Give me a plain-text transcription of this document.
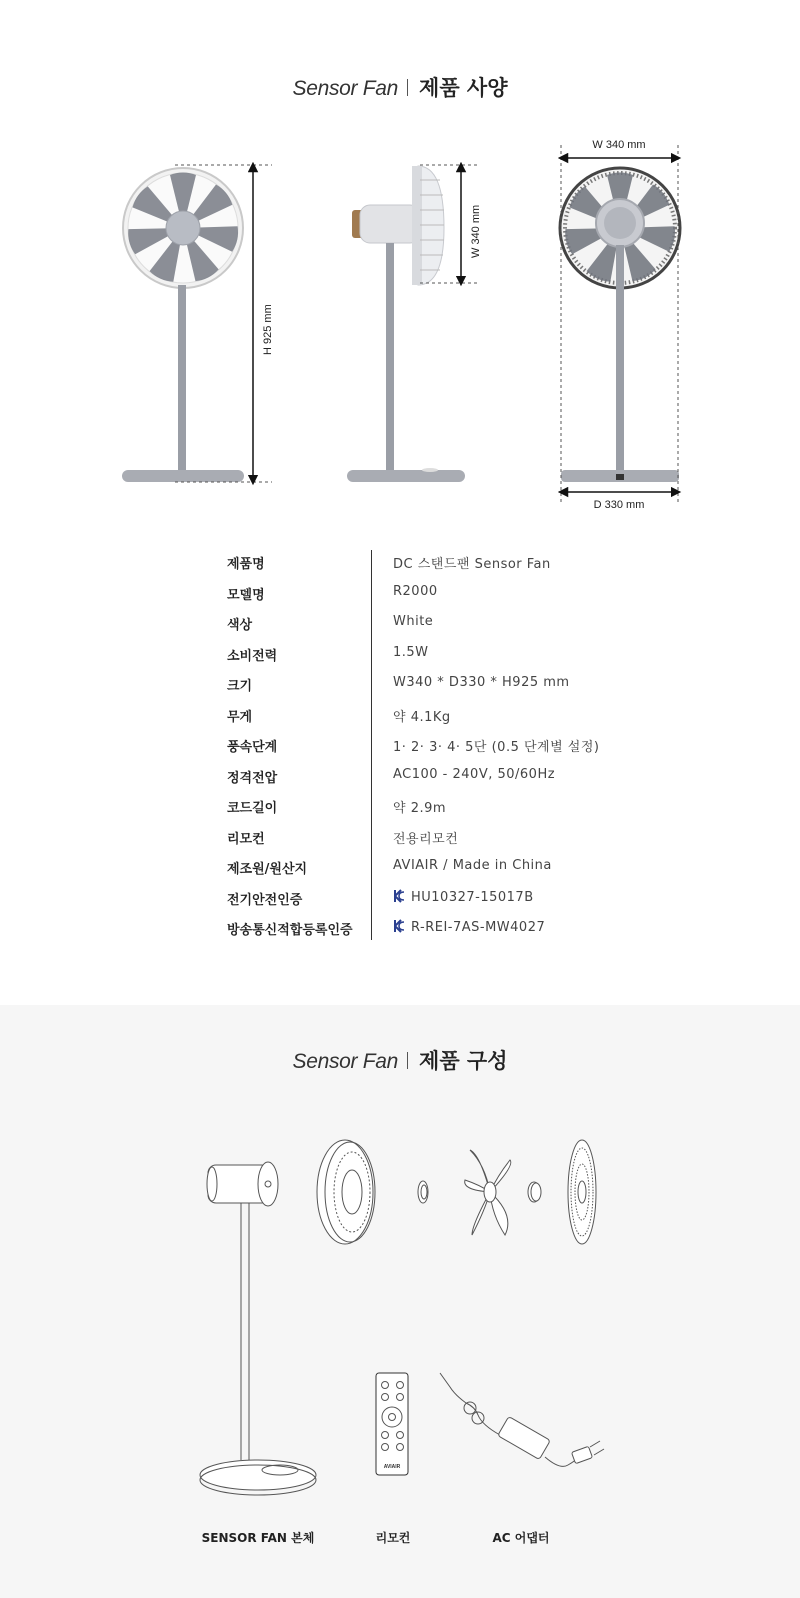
Sensor Fan 제품 사양
H 925 mm
W 340 mm
W 340 mm
D 330 mm
제품명	DC 스탠드팬 Sensor Fan
모델명	R2000
색상	White
소비전력	1.5W
크기	W340 * D330 * H925 mm
무게	약 4.1Kg
풍속단계	1· 2· 3· 4· 5단 (0.5 단계별 설정)
정격전압	AC100 - 240V, 50/60Hz
코드길이	약 2.9m
리모컨	전용리모컨
제조원/원산지	AVIAIR / Made in China
전기안전인증	HU10327-15017B
방송통신적합등록인증	R-REI-7AS-MW4027
Sensor Fan 제품 구성
AVIAIR
SENSOR FAN 본체	리모컨	AC 어댑터
